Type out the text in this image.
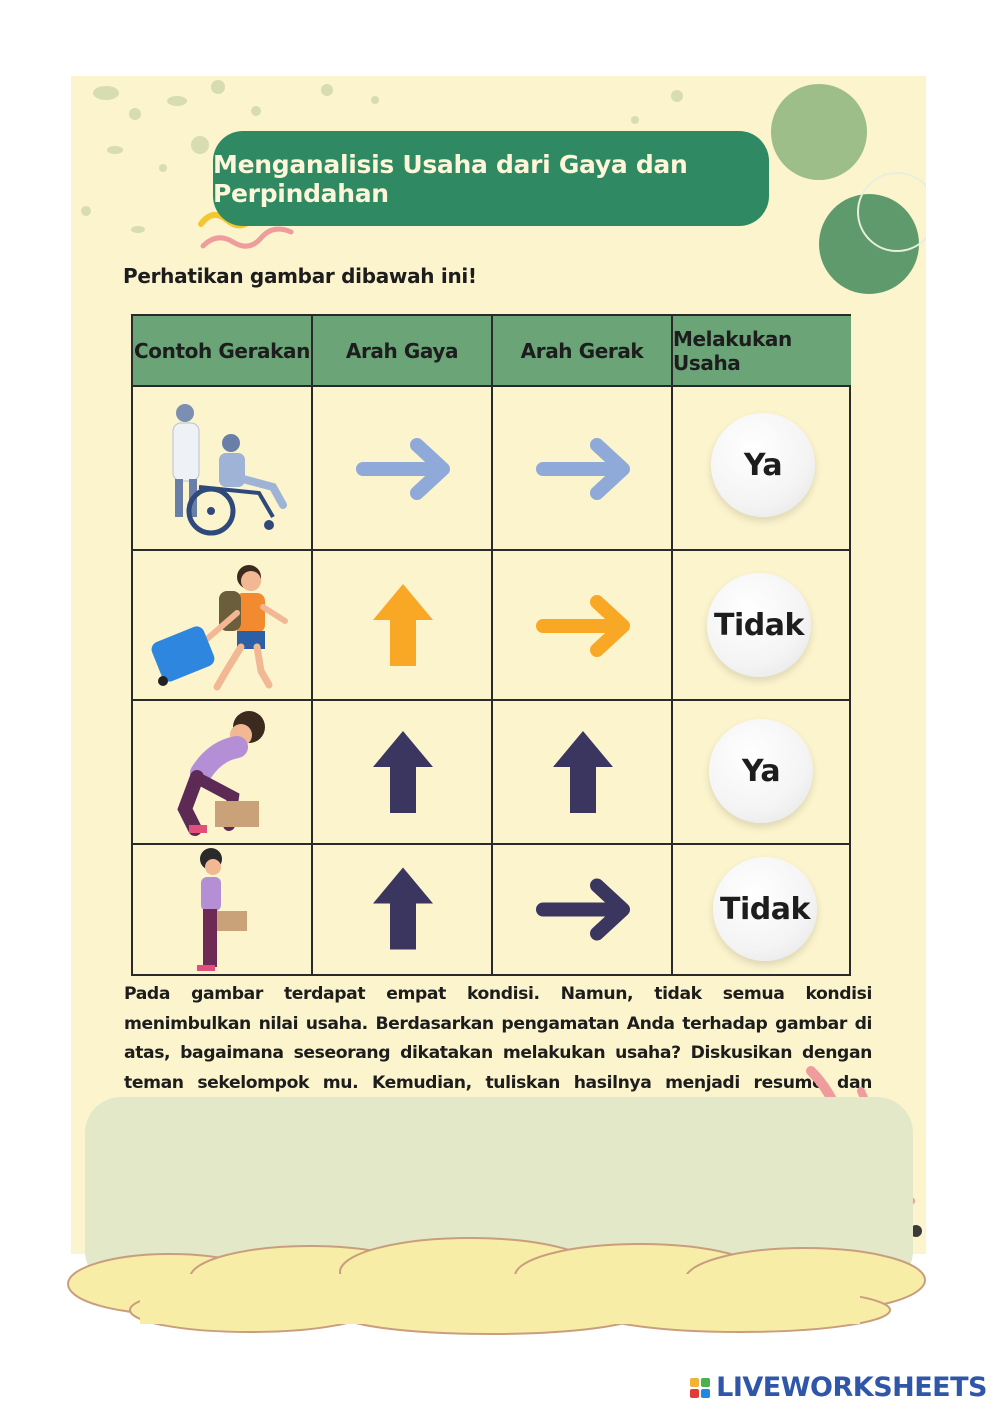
Menganalisis Usaha dari Gaya dan Perpindahan
Perhatikan gambar dibawah ini!
Contoh Gerakan	Arah Gaya	Arah Gerak	Melakukan Usaha
Ya
Tidak
Ya
Tidak
Pada gambar terdapat empat kondisi. Namun, tidak semua kondisi menimbulkan nilai usaha. Berdasarkan pengamatan Anda terhadap gambar di atas, bagaimana seseorang dikatakan melakukan usaha? Diskusikan dengan teman sekelompok mu. Kemudian, tuliskan hasilnya menjadi resume dan
LIVEWORKSHEETS
